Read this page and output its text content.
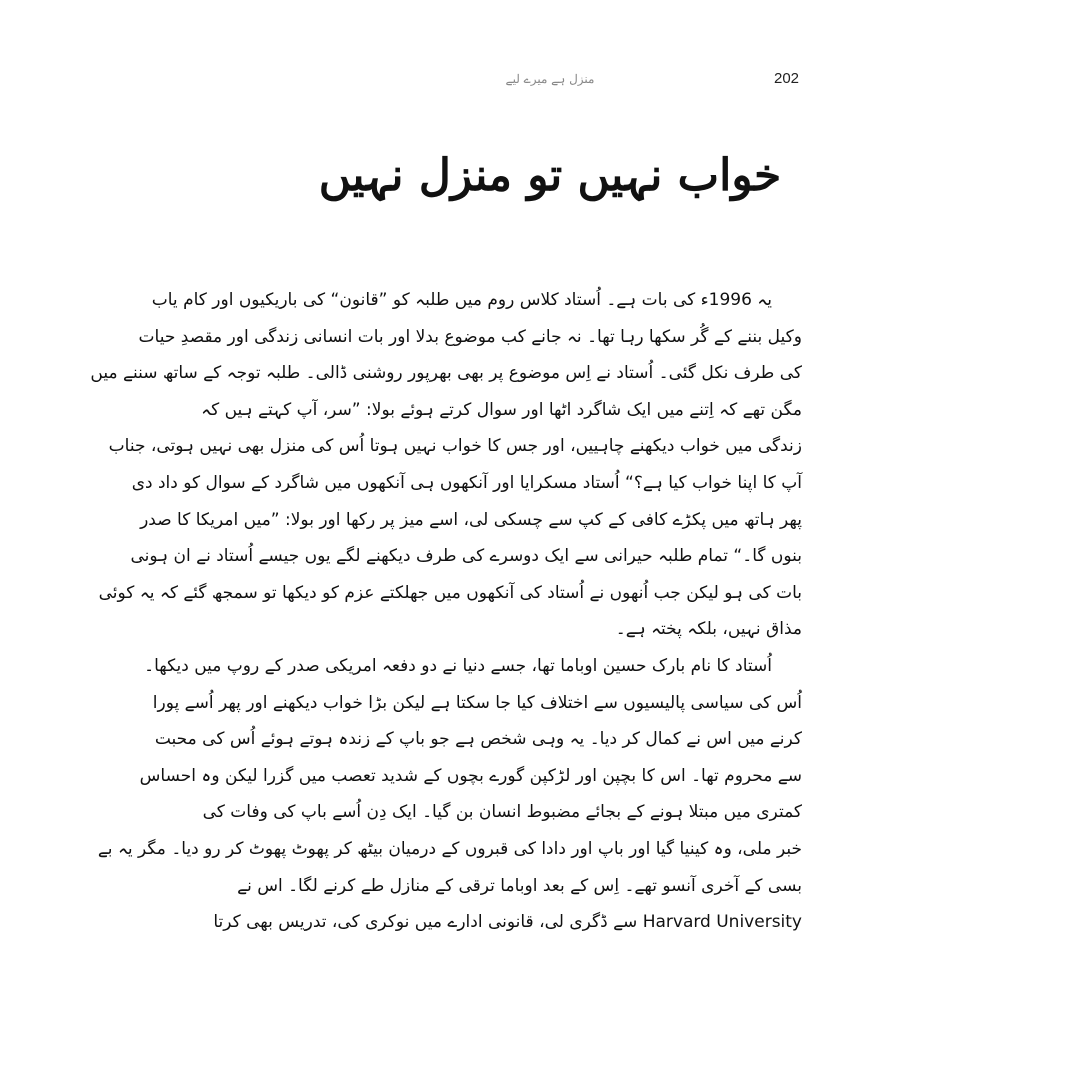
منزل ہے میرے لیے	202
خواب نہیں تو منزل نہیں
یہ 1996ء کی بات ہے۔ اُستاد کلاس روم میں طلبہ کو ”قانون“ کی باریکیوں اور کام یاب
وکیل بننے کے گُر سکھا رہا تھا۔ نہ جانے کب موضوع بدلا اور بات انسانی زندگی اور مقصدِ حیات
کی طرف نکل گئی۔ اُستاد نے اِس موضوع پر بھی بھرپور روشنی ڈالی۔ طلبہ توجہ کے ساتھ سننے میں
مگن تھے کہ اِتنے میں ایک شاگرد اٹھا اور سوال کرتے ہوئے بولا: ”سر، آپ کہتے ہیں کہ
زندگی میں خواب دیکھنے چاہییں، اور جس کا خواب نہیں ہوتا اُس کی منزل بھی نہیں ہوتی، جناب
آپ کا اپنا خواب کیا ہے؟“ اُستاد مسکرایا اور آنکھوں ہی آنکھوں میں شاگرد کے سوال کو داد دی
پھر ہاتھ میں پکڑے کافی کے کپ سے چسکی لی، اسے میز پر رکھا اور بولا: ”میں امریکا کا صدر
بنوں گا۔“ تمام طلبہ حیرانی سے ایک دوسرے کی طرف دیکھنے لگے یوں جیسے اُستاد نے ان ہونی
بات کی ہو لیکن جب اُنھوں نے اُستاد کی آنکھوں میں جھلکتے عزم کو دیکھا تو سمجھ گئے کہ یہ کوئی
مذاق نہیں، بلکہ پختہ ہے۔
اُستاد کا نام بارک حسین اوباما تھا، جسے دنیا نے دو دفعہ امریکی صدر کے روپ میں دیکھا۔
اُس کی سیاسی پالیسیوں سے اختلاف کیا جا سکتا ہے لیکن بڑا خواب دیکھنے اور پھر اُسے پورا
کرنے میں اس نے کمال کر دیا۔ یہ وہی شخص ہے جو باپ کے زندہ ہوتے ہوئے اُس کی محبت
سے محروم تھا۔ اس کا بچپن اور لڑکپن گورے بچوں کے شدید تعصب میں گزرا لیکن وہ احساس
کمتری میں مبتلا ہونے کے بجائے مضبوط انسان بن گیا۔ ایک دِن اُسے باپ کی وفات کی
خبر ملی، وہ کینیا گیا اور باپ اور دادا کی قبروں کے درمیان بیٹھ کر پھوٹ پھوٹ کر رو دیا۔ مگر یہ بے
بسی کے آخری آنسو تھے۔ اِس کے بعد اوباما ترقی کے منازل طے کرنے لگا۔ اس نے
Harvard University سے ڈگری لی، قانونی ادارے میں نوکری کی، تدریس بھی کرتا
